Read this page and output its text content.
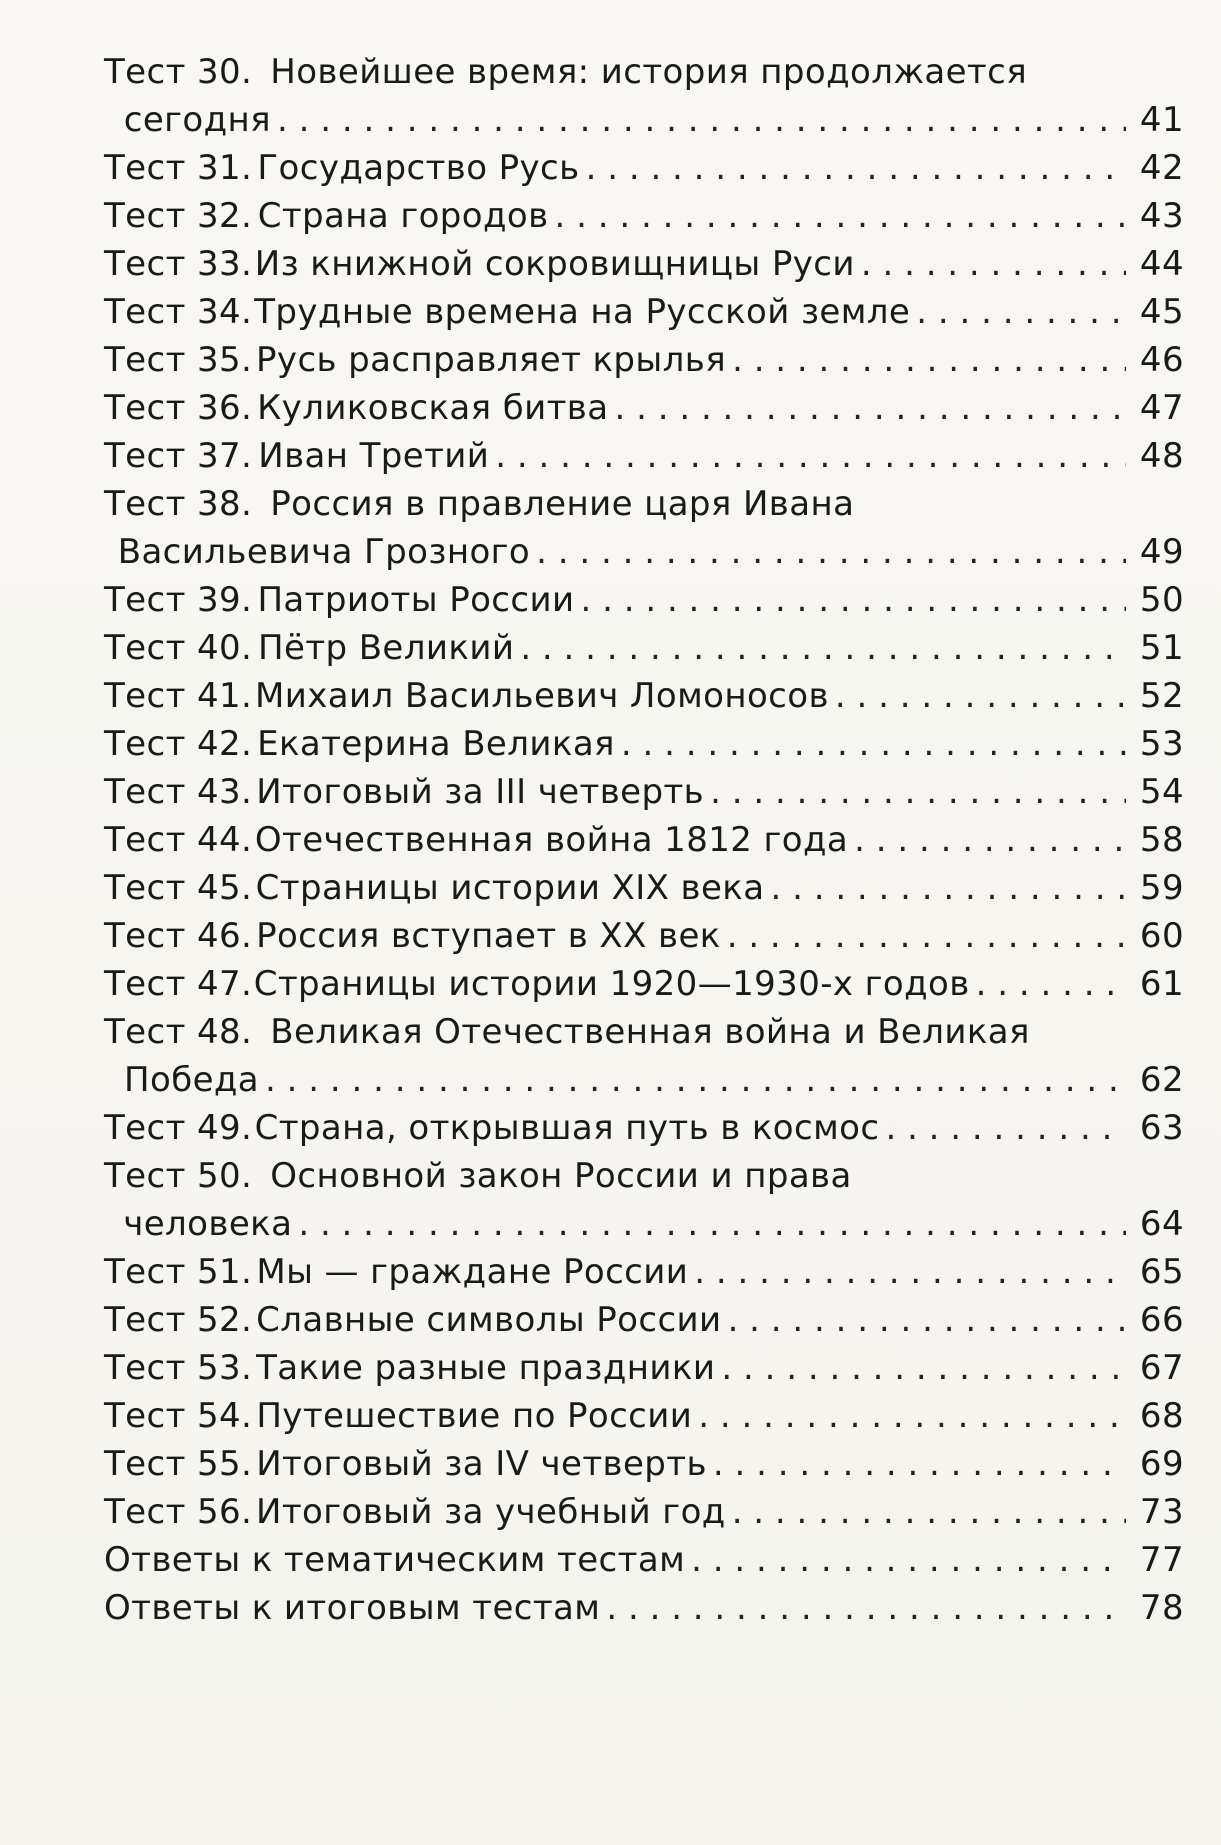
Тест 30. Новейшее время: история продолжается
сегодня . . .	41
Тест 31. Государство Русь . . .	42
Тест 32. Страна городов . . .	43
Тест 33. Из книжной сокровищницы Руси . . .	44
Тест 34. Трудные времена на Русской земле . . .	45
Тест 35. Русь расправляет крылья . . .	46
Тест 36. Куликовская битва . . .	47
Тест 37. Иван Третий . . .	48
Тест 38. Россия в правление царя Ивана
Васильевича Грозного . . .	49
Тест 39. Патриоты России . . .	50
Тест 40. Пётр Великий . . .	51
Тест 41. Михаил Васильевич Ломоносов . . .	52
Тест 42. Екатерина Великая . . .	53
Тест 43. Итоговый за III четверть . . .	54
Тест 44. Отечественная война 1812 года . . .	58
Тест 45. Страницы истории XIX века . . .	59
Тест 46. Россия вступает в XX век . . .	60
Тест 47. Страницы истории 1920—1930-х годов . . .	61
Тест 48. Великая Отечественная война и Великая
Победа . . .	62
Тест 49. Страна, открывшая путь в космос . . .	63
Тест 50. Основной закон России и права
человека . . .	64
Тест 51. Мы — граждане России . . .	65
Тест 52. Славные символы России . . .	66
Тест 53. Такие разные праздники . . .	67
Тест 54. Путешествие по России . . .	68
Тест 55. Итоговый за IV четверть . . .	69
Тест 56. Итоговый за учебный год . . .	73
Ответы к тематическим тестам . . .	77
Ответы к итоговым тестам . . .	78
